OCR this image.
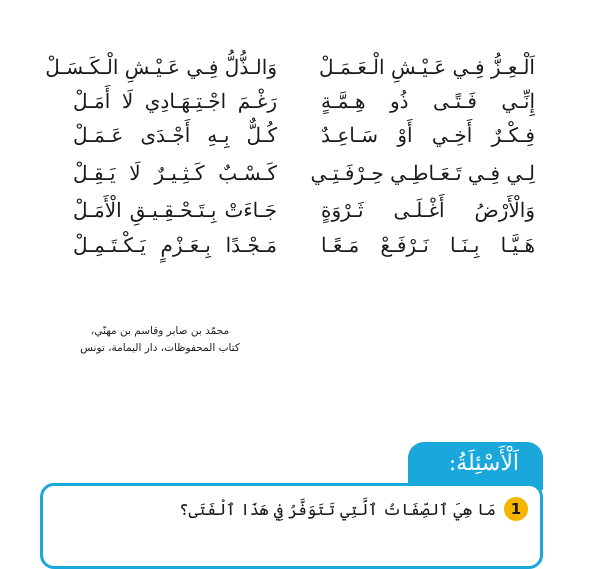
اَلْـعِـزُّ فِـي عَـيْـشِ الْـعَـمَـلْ
إِنِّـي فَـتًـى ذُو هِـمَّـةٍ
فِـكْـرٌ أَخِـي أَوْ سَـاعِـدٌ
لِـي فِـي تَـعَـاطِـي حِـرْفَـتِـي
وَالْأَرْضُ أَغْـلَـى ثَـرْوَةٍ
هَـيَّـا بِـنَـا نَـرْفَـعْ مَـعًـا
وَالـذُّلُّ فِـي عَـيْـشِ الْـكَـسَـلْ
رَغْـمَ اجْـتِـهَـادِي لَا أَمَـلْ
كُـلٌّ بِـهِ أَجْـدَى عَـمَـلْ
كَـسْـبٌ كَـثِـيـرٌ لَا يَـقِـلْ
جَـاءَتْ بِـتَـحْـقِـيـقِ الْأَمَـلْ
مَـجْـدًا بِـعَـزْمٍ يَـكْـتَـمِـلْ
محمّد بن صابر وقاسم بن مهنّي،
كتاب المحفوظات، دار اليمامة، تونس
اَلْأَسْئِلَةُ:
1
مَا هِيَ ٱلصِّفَاتُ ٱلَّتِي تَتَوَفَّرُ فِي هَذَا ٱلْفَتَى؟
